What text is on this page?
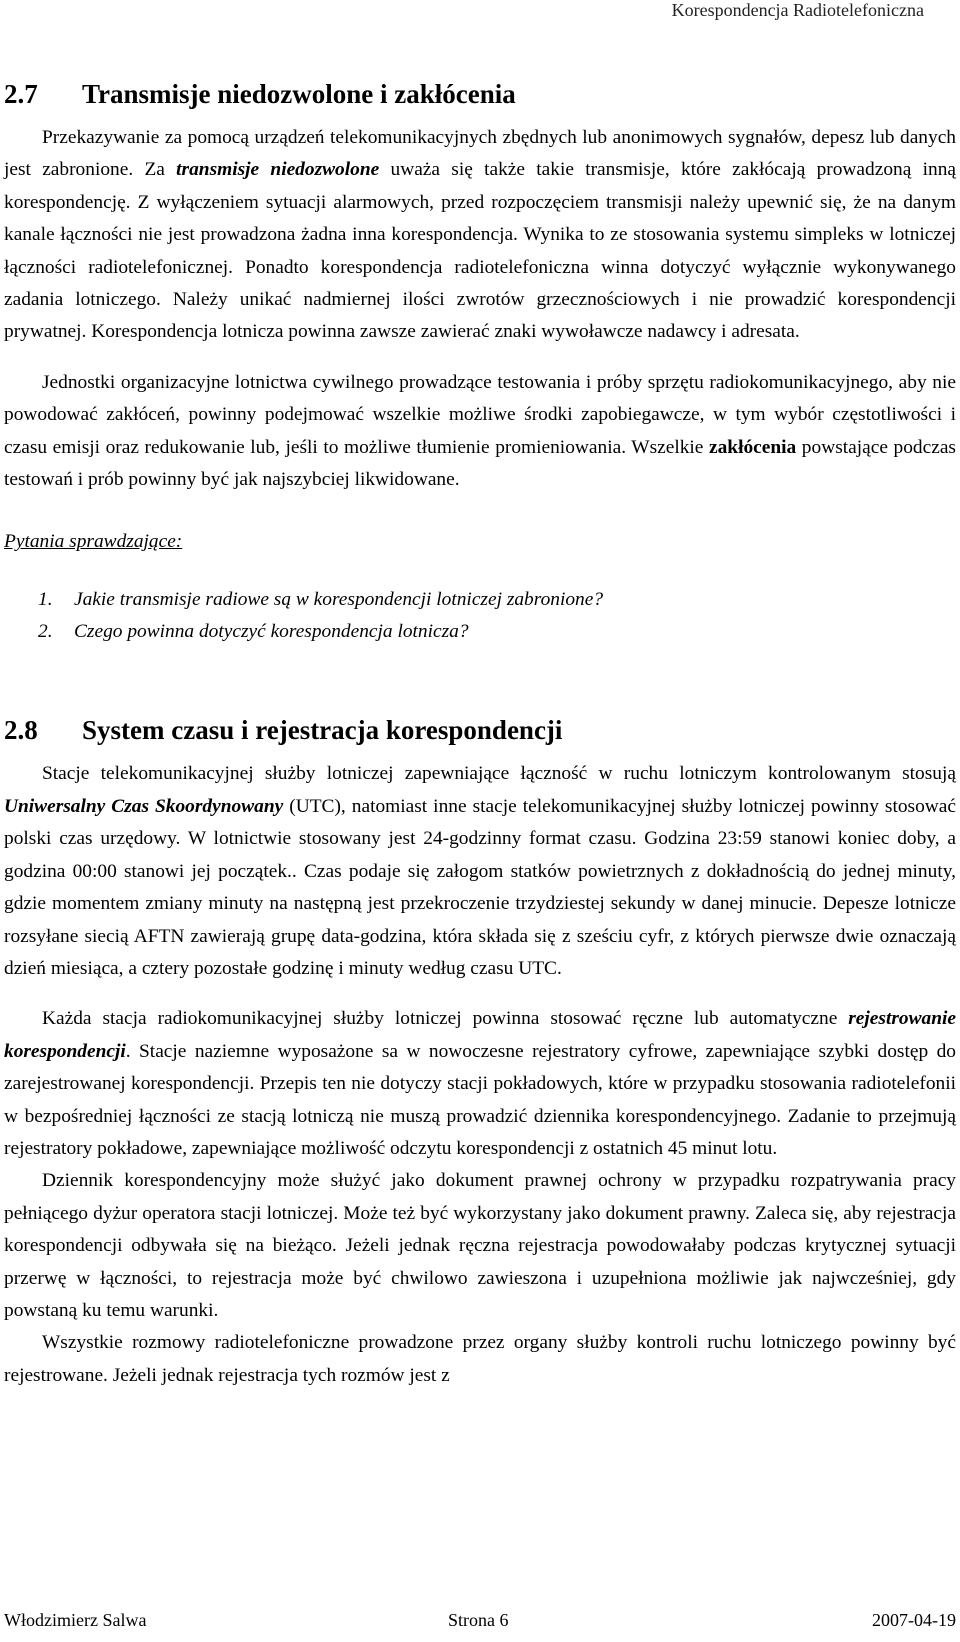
Korespondencja Radiotelefoniczna
2.7	Transmisje niedozwolone i zakłócenia

Przekazywanie za pomocą urządzeń telekomunikacyjnych zbędnych lub anonimowych sygnałów, depesz lub danych jest zabronione. Za transmisje niedozwolone uważa się także takie transmisje, które zakłócają prowadzoną inną korespondencję. Z wyłączeniem sytuacji alarmowych, przed rozpoczęciem transmisji należy upewnić się, że na danym kanale łączności nie jest prowadzona żadna inna korespondencja. Wynika to ze stosowania systemu simpleks w lotniczej łączności radiotelefonicznej. Ponadto korespondencja radiotelefoniczna winna dotyczyć wyłącznie wykonywanego zadania lotniczego. Należy unikać nadmiernej ilości zwrotów grzecznościowych i nie prowadzić korespondencji prywatnej. Korespondencja lotnicza powinna zawsze zawierać znaki wywoławcze nadawcy i adresata.

Jednostki organizacyjne lotnictwa cywilnego prowadzące testowania i próby sprzętu radiokomunikacyjnego, aby nie powodować zakłóceń, powinny podejmować wszelkie możliwe środki zapobiegawcze, w tym wybór częstotliwości i czasu emisji oraz redukowanie lub, jeśli to możliwe tłumienie promieniowania. Wszelkie zakłócenia powstające podczas testowań i prób powinny być jak najszybciej likwidowane.

Pytania sprawdzające:
1.	Jakie transmisje radiowe są w korespondencji lotniczej zabronione?
2.	Czego powinna dotyczyć korespondencja lotnicza?
2.8	System czasu i rejestracja korespondencji

Stacje telekomunikacyjnej służby lotniczej zapewniające łączność w ruchu lotniczym kontrolowanym stosują Uniwersalny Czas Skoordynowany (UTC), natomiast inne stacje telekomunikacyjnej służby lotniczej powinny stosować polski czas urzędowy. W lotnictwie stosowany jest 24-godzinny format czasu. Godzina 23:59 stanowi koniec doby, a godzina 00:00 stanowi jej początek.. Czas podaje się załogom statków powietrznych z dokładnością do jednej minuty, gdzie momentem zmiany minuty na następną jest przekroczenie trzydziestej sekundy w danej minucie. Depesze lotnicze rozsyłane siecią AFTN zawierają grupę data-godzina, która składa się z sześciu cyfr, z których pierwsze dwie oznaczają dzień miesiąca, a cztery pozostałe godzinę i minuty według czasu UTC.

Każda stacja radiokomunikacyjnej służby lotniczej powinna stosować ręczne lub automatyczne rejestrowanie korespondencji. Stacje naziemne wyposażone sa w nowoczesne rejestratory cyfrowe, zapewniające szybki dostęp do zarejestrowanej korespondencji. Przepis ten nie dotyczy stacji pokładowych, które w przypadku stosowania radiotelefonii w bezpośredniej łączności ze stacją lotniczą nie muszą prowadzić dziennika korespondencyjnego. Zadanie to przejmują rejestratory pokładowe, zapewniające możliwość odczytu korespondencji z ostatnich 45 minut lotu.

Dziennik korespondencyjny może służyć jako dokument prawnej ochrony w przypadku rozpatrywania pracy pełniącego dyżur operatora stacji lotniczej. Może też być wykorzystany jako dokument prawny. Zaleca się, aby rejestracja korespondencji odbywała się na bieżąco. Jeżeli jednak ręczna rejestracja powodowałaby podczas krytycznej sytuacji przerwę w łączności, to rejestracja może być chwilowo zawieszona i uzupełniona możliwie jak najwcześniej, gdy powstaną ku temu warunki.

Wszystkie rozmowy radiotelefoniczne prowadzone przez organy służby kontroli ruchu lotniczego powinny być rejestrowane. Jeżeli jednak rejestracja tych rozmów jest z

Włodzimierz Salwa	Strona 6	2007-04-19
